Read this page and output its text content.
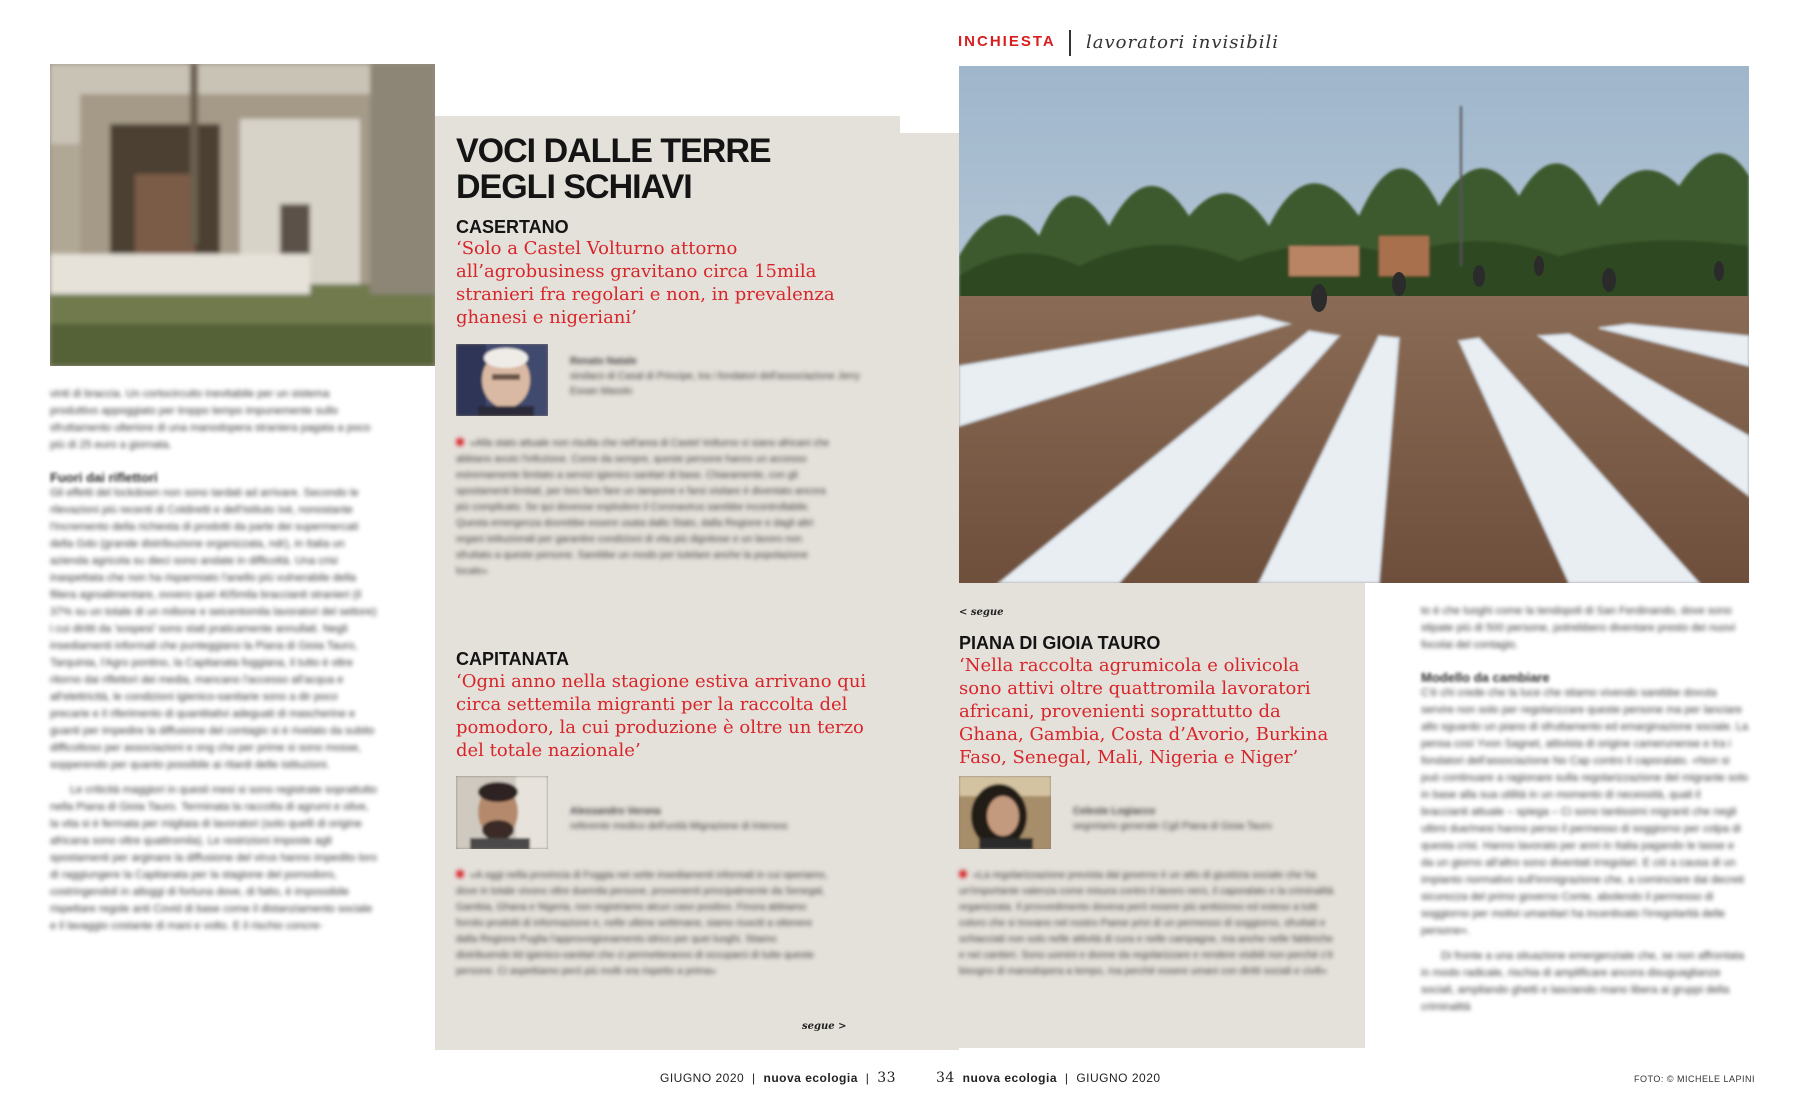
vinti di braccia. Un cortocircuito inevitabile per un sistema produttivo appoggiato per troppo tempo impunemente sullo sfruttamento ulteriore di una manodopera straniera pagata a poco più di 25 euro a giornata.

Fuori dai riflettori

Gli effetti del lockdown non sono tardati ad arrivare. Secondo le rilevazioni più recenti di Coldiretti e dell'Istituto Ixè, nonostante l'incremento della richiesta di prodotti da parte dei supermercati della Gdo (grande distribuzione organizzata, ndr), in Italia un azienda agricola su dieci sono andate in difficoltà. Una crisi inaspettata che non ha risparmiato l'anello più vulnerabile della filiera agroalimentare, ovvero quei 405mila braccianti stranieri (il 37% su un totale di un milione e seicentomila lavoratori del settore) i cui diritti da 'sospesi' sono stati praticamente annullati. Negli insediamenti informali che punteggiano la Piana di Gioia Tauro, Tarquinia, l'Agro pontino, la Capitanata foggiana, il tutto è oltre ritorno dai riflettori dei media, mancano l'accesso all'acqua e all'elettricità, le condizioni igienico-sanitarie sono a dir poco precarie e il riferimento di quantitativi adeguati di mascherine e guanti per impedire la diffusione del contagio si è rivelato da subito difficoltoso per associazioni e ong che per prime si sono mosse, sopperendo per quanto possibile ai ritardi delle istituzioni.

Le criticità maggiori in questi mesi si sono registrate soprattutto nella Piana di Gioia Tauro. Terminata la raccolta di agrumi e olive, la vita si è fermata per migliaia di lavoratori (solo quelli di origine africana sono oltre quattromila). Le restrizioni imposte agli spostamenti per arginare la diffusione del virus hanno impedito loro di raggiungere la Capitanata per la stagione del pomodoro, costringendoli in alloggi di fortuna dove, di fatto, è impossibile rispettare regole anti Covid di base come il distanziamento sociale e il lavaggio costante di mani e volto. E il rischio concre-

VOCI DALLE TERRE DEGLI SCHIAVI
CASERTANO
‘Solo a Castel Volturno attorno all’agrobusiness gravitano circa 15mila stranieri fra regolari e non, in prevalenza ghanesi e nigeriani’

Renato Natale

sindaco di Casal di Principe, tra i fondatori dell'associazione Jerry Essan Masslo

«Alla stato attuale non risulta che nell'area di Castel Volturno vi siano africani che abbiano avuto l'infezione. Come da sempre, queste persone hanno un accesso estremamente limitato a servizi igienico sanitari di base. Chiaramente, con gli spostamenti limitati, per loro fare fare un tampone e farsi visitare è diventato ancora più complicato. Se qui dovesse esplodere il Coronavirus sarebbe incontrollabile. Questa emergenza dovrebbe essere usata dallo Stato, dalla Regione e dagli altri organi istituzionali per garantire condizioni di vita più dignitose e un lavoro non sfruttato a queste persone. Sarebbe un modo per tutelare anche la popolazione locale»

CAPITANATA
‘Ogni anno nella stagione estiva arrivano qui circa settemila migranti per la raccolta del pomodoro, la cui produzione è oltre un terzo del totale nazionale’

Alessandro Verona

referente medico dell'unità Migrazione di Intersos

«A oggi nella provincia di Foggia nei sette insediamenti informali in cui operiamo, dove in totale vivono oltre duemila persone, provenienti principalmente da Senegal, Gambia, Ghana e Nigeria, non registriamo alcun caso positivo. Finora abbiamo fornito prodotti di informazione e, nelle ultime settimane, siamo riusciti a ottenere dalla Regione Puglia l'approvvigionamento idrico per quei luoghi. Stiamo distribuendo kit igienico-sanitari che ci permetteranno di occuparci di tutte queste persone. Ci aspettiamo però più molti ora rispetto a prima»

segue >
INCHIESTA lavoratori invisibili
< segue
PIANA DI GIOIA TAURO
‘Nella raccolta agrumicola e olivicola sono attivi oltre quattromila lavoratori africani, provenienti soprattutto da Ghana, Gambia, Costa d’Avorio, Burkina Faso, Senegal, Mali, Nigeria e Niger’

Celeste Logiacco

segretario generale Cgil Piana di Gioia Tauro

«La regolarizzazione prevista dal governo è un atto di giustizia sociale che ha un'importante valenza come misura contro il lavoro nero, il caporalato e la criminalità organizzata. Il provvedimento doveva però essere più ambizioso ed esteso a tutti coloro che si trovano nel nostro Paese privi di un permesso di soggiorno, sfruttati e schiacciati non solo nelle attività di cura e nelle campagne, ma anche nelle fabbriche e nei cantieri. Sono uomini e donne da regolarizzare e rendere visibili non perché c'è bisogno di manodopera a tempo, ma perché essere umani con diritti sociali e civili»

to è che luoghi come la tendopoli di San Ferdinando, dove sono stipate più di 500 persone, potrebbero diventare presto dei nuovi focolai del contagio.

Modello da cambiare

C'è chi crede che la luce che stiamo vivendo sarebbe dovuta servire non solo per regolarizzare queste persone ma per lanciare allo sguardo un piano di sfruttamento ed emarginazione sociale. La pensa così Yvon Sagnet, attivista di origine camerunense e tra i fondatori dell'associazione No Cap contro il caporalato. «Non si può continuare a ragionare sulla regolarizzazione del migrante solo in base alla sua utilità in un momento di necessità, quali il braccianti attuale – spiega – Ci sono tantissimi migranti che negli ultimi due/mesi hanno perso il permesso di soggiorno per colpa di questa crisi. Hanno lavorato per anni in Italia pagando le tasse e da un giorno all'altro sono diventati irregolari. E ciò a causa di un impianto normativo sull'immigrazione che, a cominciare dai decreti sicurezza del primo governo Conte, abolendo il permesso di soggiorno per motivi umanitari ha incentivato l'irregolarità delle persone».

Di fronte a una situazione emergenziale che, se non affrontata in modo radicale, rischia di amplificare ancora disuguaglianze sociali, ampliando ghetti e lasciando mano libera ai gruppi della criminalità

GIUGNO 2020 | nuova ecologia | 33	34 nuova ecologia | GIUGNO 2020	FOTO: © MICHELE LAPINI
